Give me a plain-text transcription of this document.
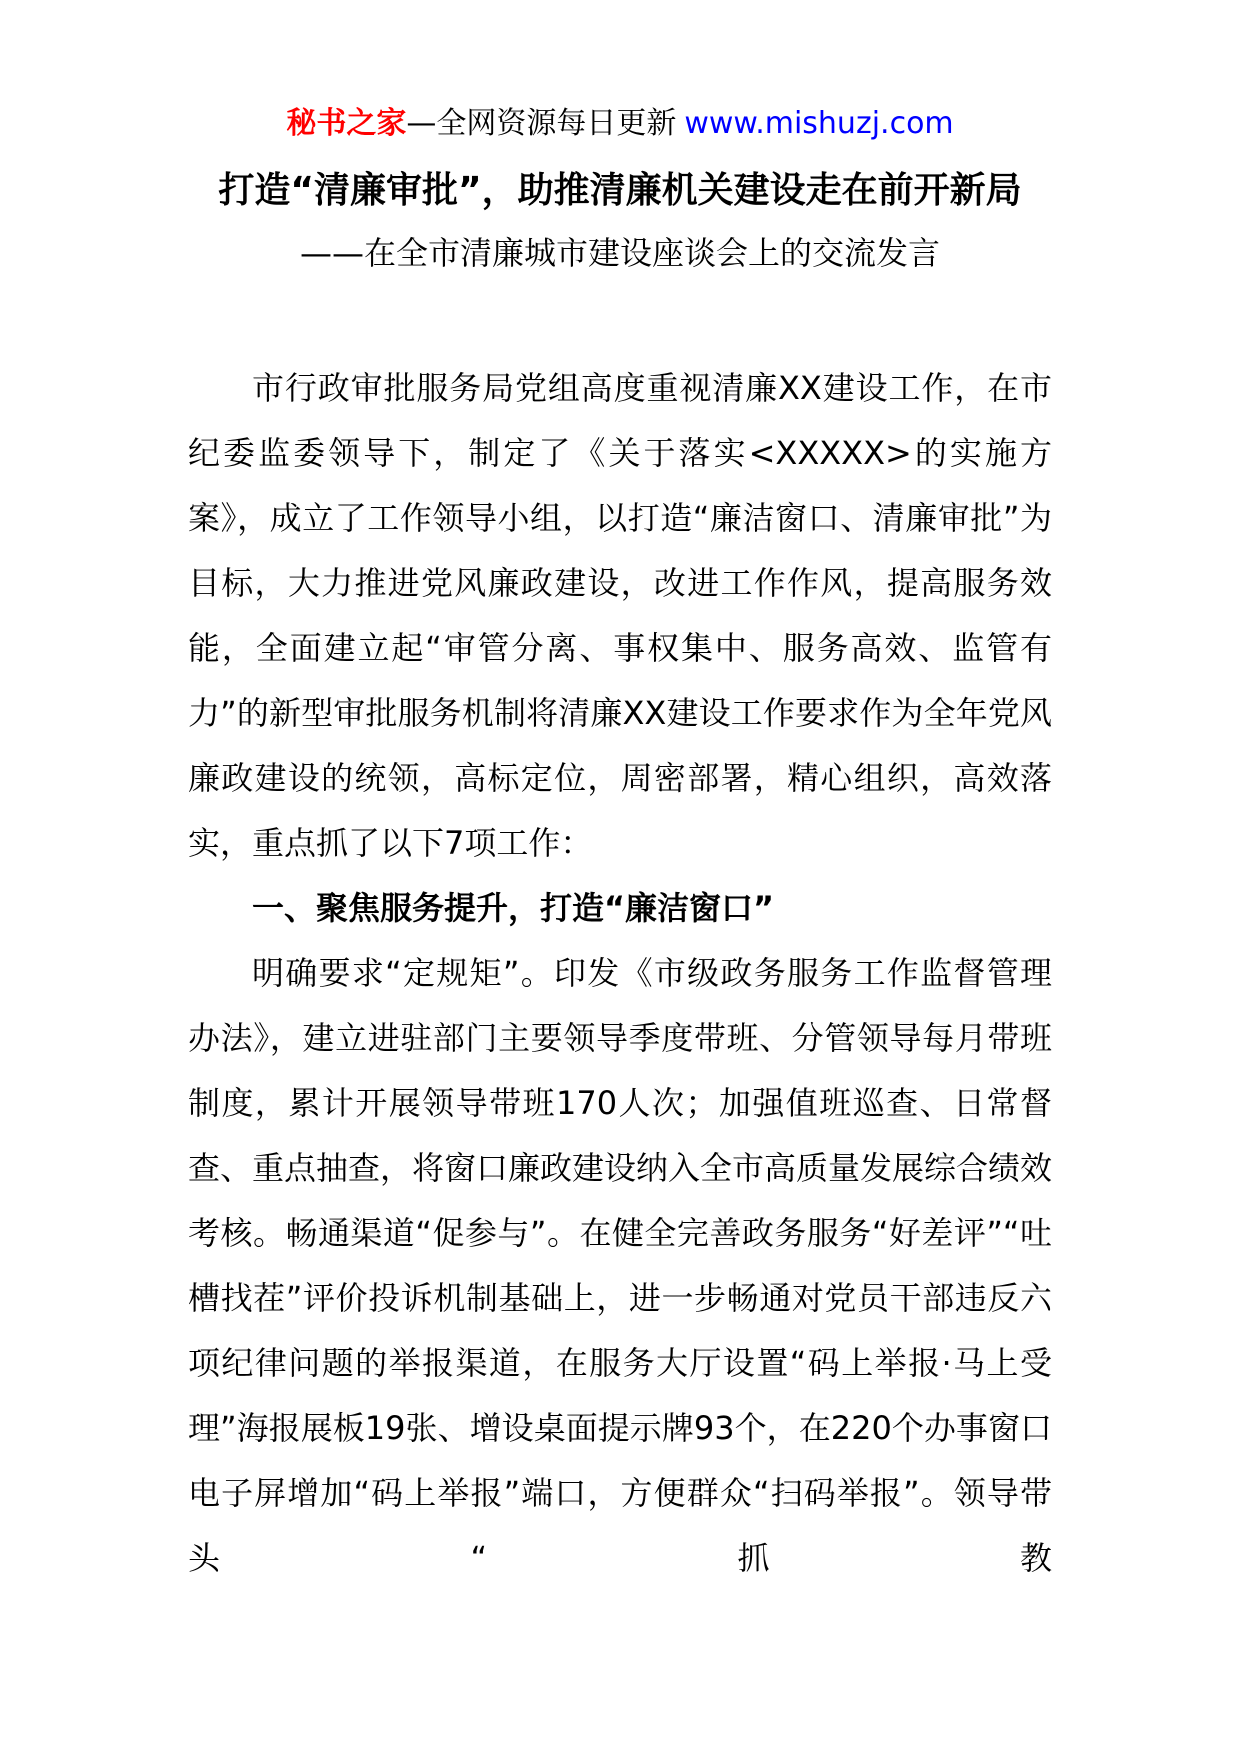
秘书之家—全网资源每日更新 www.mishuzj.com
打造“清廉审批”，助推清廉机关建设走在前开新局
——在全市清廉城市建设座谈会上的交流发言

市行政审批服务局党组高度重视清廉XX建设工作，在市纪委监委领导下，制定了《关于落实<XXXXX>的实施方案》，成立了工作领导小组，以打造“廉洁窗口、清廉审批”为目标，大力推进党风廉政建设，改进工作作风，提高服务效能，全面建立起“审管分离、事权集中、服务高效、监管有力”的新型审批服务机制将清廉XX建设工作要求作为全年党风廉政建设的统领，高标定位，周密部署，精心组织，高效落实，重点抓了以下7项工作：

一、聚焦服务提升，打造“廉洁窗口”

明确要求“定规矩”。印发《市级政务服务工作监督管理办法》，建立进驻部门主要领导季度带班、分管领导每月带班制度，累计开展领导带班170人次；加强值班巡查、日常督查、重点抽查，将窗口廉政建设纳入全市高质量发展综合绩效考核。畅通渠道“促参与”。在健全完善政务服务“好差评”“吐槽找茬”评价投诉机制基础上，进一步畅通对党员干部违反六项纪律问题的举报渠道，在服务大厅设置“码上举报·马上受理”海报展板19张、增设桌面提示牌93个，在220个办事窗口电子屏增加“码上举报”端口，方便群众“扫码举报”。领导带头“抓教
